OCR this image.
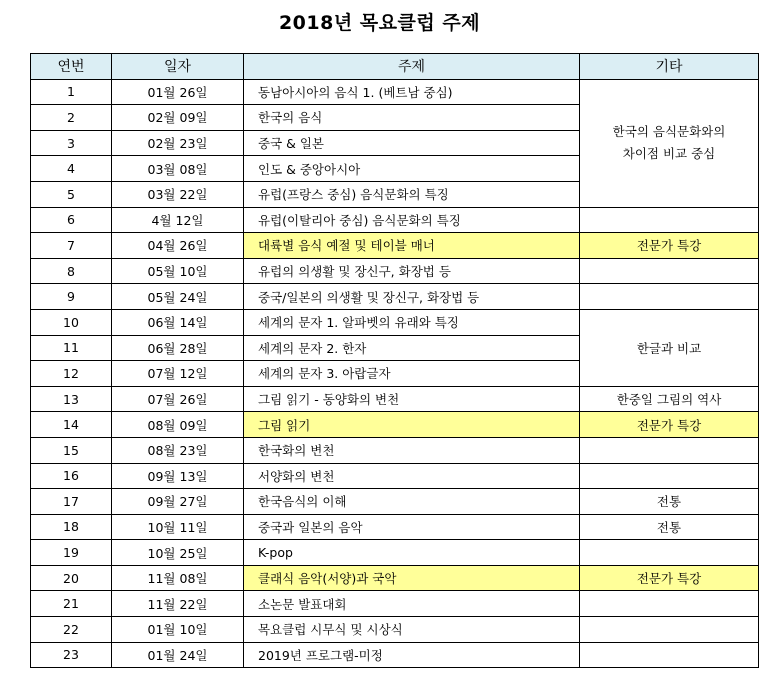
2018년 목요클럽 주제
연번	일자	주제	기타
1	01월 26일	동남아시아의 음식 1. (베트남 중심)	한국의 음식문화와의 차이점 비교 중심
2	02월 09일	한국의 음식	
3	02월 23일	중국 & 일본	
4	03월 08일	인도 & 중앙아시아	
5	03월 22일	유럽(프랑스 중심) 음식문화의 특징	
6	4월 12일	유럽(이탈리아 중심) 음식문화의 특징	
7	04월 26일	대륙별 음식 예절 및 테이블 매너	전문가 특강
8	05월 10일	유럽의 의생활 및 장신구, 화장법 등	
9	05월 24일	중국/일본의 의생활 및 장신구, 화장법 등	
10	06월 14일	세계의 문자 1. 알파벳의 유래와 특징	한글과 비교
11	06월 28일	세계의 문자 2. 한자	
12	07월 12일	세계의 문자 3. 아랍글자	
13	07월 26일	그림 읽기 - 동양화의 변천	한중일 그림의 역사
14	08월 09일	그림 읽기	전문가 특강
15	08월 23일	한국화의 변천	
16	09월 13일	서양화의 변천	
17	09월 27일	한국음식의 이해	전통
18	10월 11일	중국과 일본의 음악	전통
19	10월 25일	K-pop	
20	11월 08일	클래식 음악(서양)과 국악	전문가 특강
21	11월 22일	소논문 발표대회	
22	01월 10일	목요클럽 시무식 및 시상식	
23	01월 24일	2019년 프로그램-미정	
